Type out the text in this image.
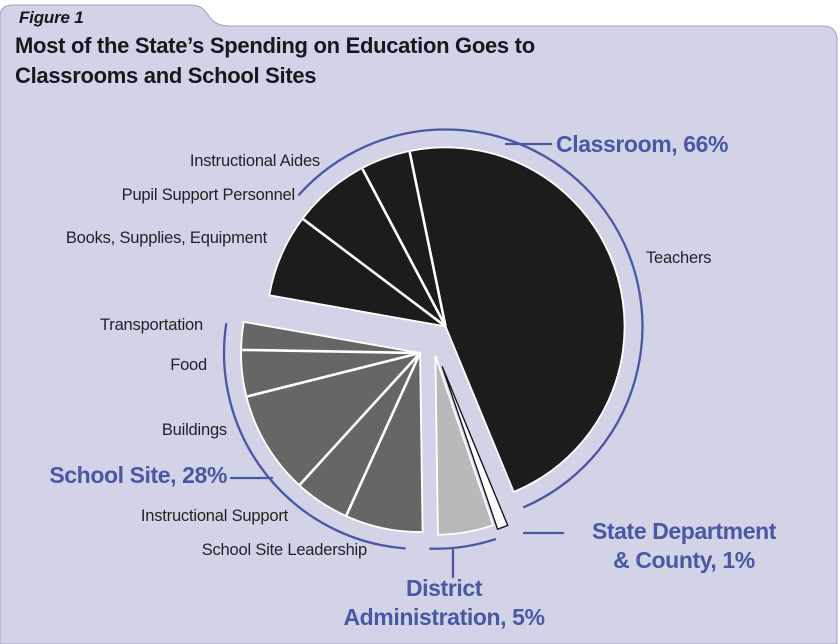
Figure 1
Most of the State’s Spending on Education Goes to
Classrooms and School Sites
Classroom, 66%
School Site, 28%
District
Administration, 5%
State Department
& County, 1%
Teachers
Instructional Aides
Pupil Support Personnel
Books, Supplies, Equipment
Transportation
Food
Buildings
Instructional Support
School Site Leadership
